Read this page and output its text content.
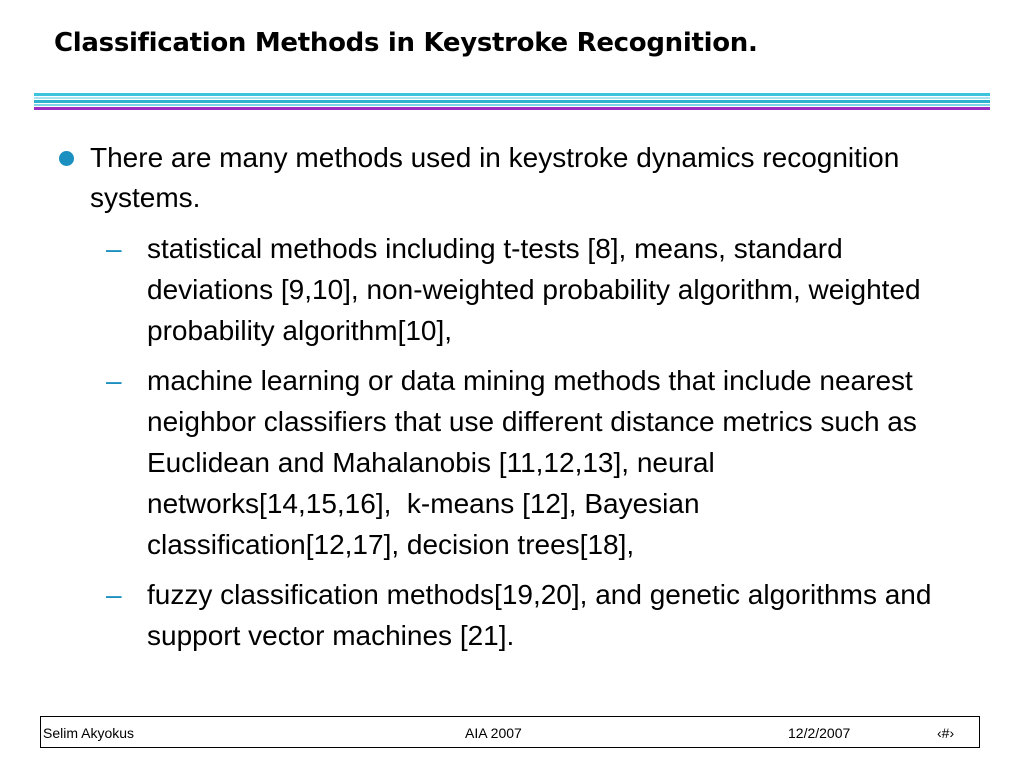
Classification Methods in Keystroke Recognition.
There are many methods used in keystroke dynamics recognition systems.
– statistical methods including t-tests [8], means, standard deviations [9,10], non-weighted probability algorithm, weighted probability algorithm[10],
– machine learning or data mining methods that include nearest neighbor classifiers that use different distance metrics such as   Euclidean and Mahalanobis [11,12,13], neural networks[14,15,16],  k-means [12], Bayesian classification[12,17], decision trees[18],
– fuzzy classification methods[19,20], and genetic algorithms and support vector machines [21].
Selim Akyokus	AIA 2007	12/2/2007	‹#›
